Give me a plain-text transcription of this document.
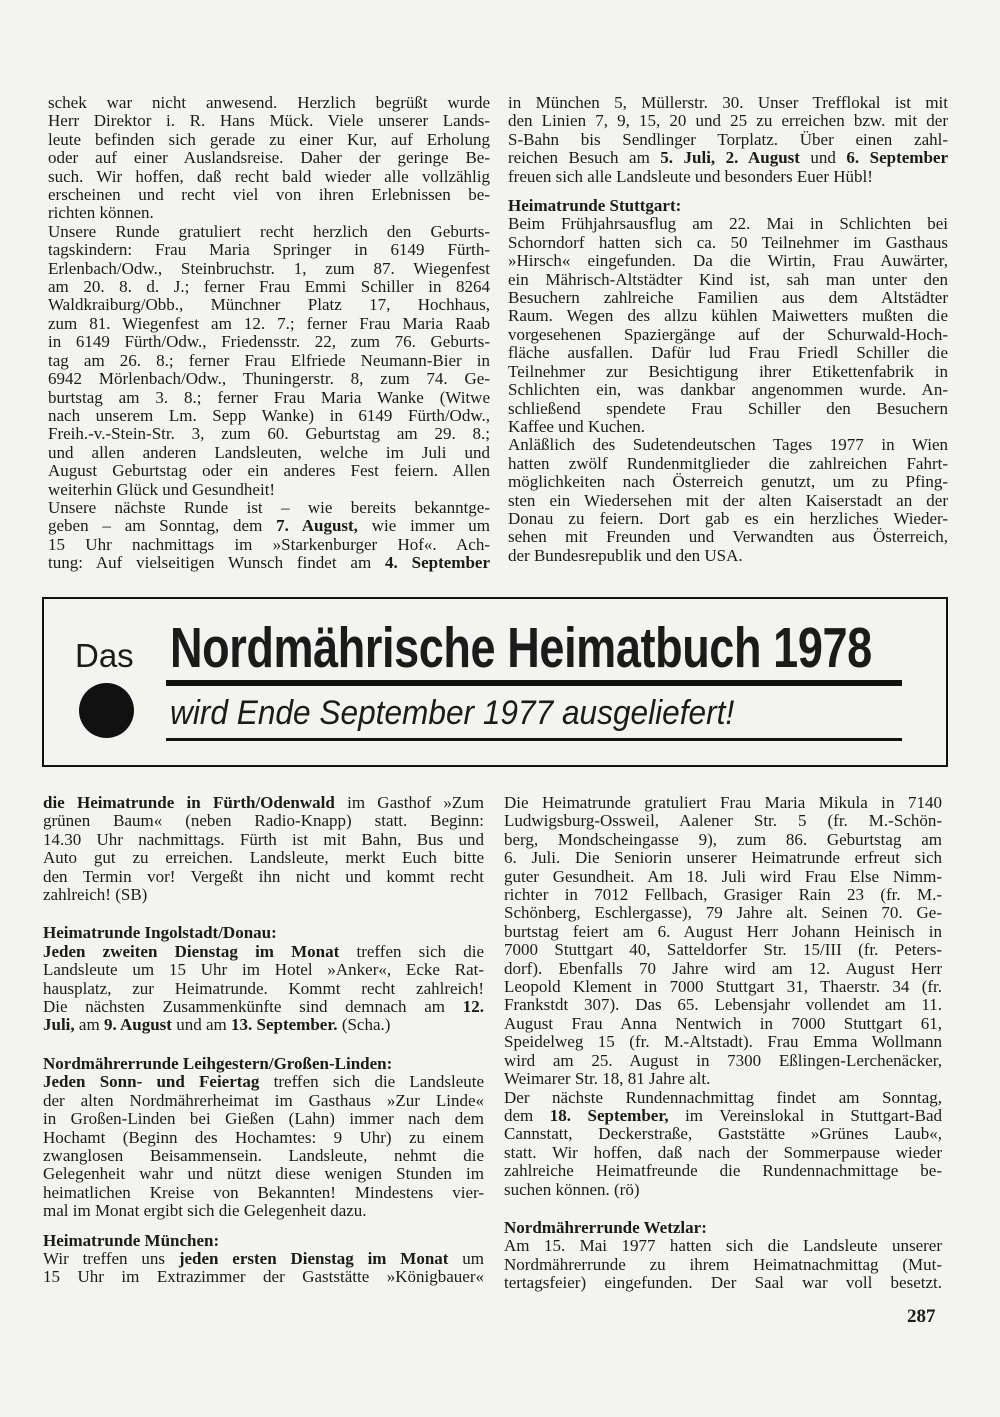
schek war nicht anwesend. Herzlich begrüßt wurde
Herr Direktor i. R. Hans Mück. Viele unserer Lands-
leute befinden sich gerade zu einer Kur, auf Erholung
oder auf einer Auslandsreise. Daher der geringe Be-
such. Wir hoffen, daß recht bald wieder alle vollzählig
erscheinen und recht viel von ihren Erlebnissen be-
richten können.
Unsere Runde gratuliert recht herzlich den Geburts-
tagskindern: Frau Maria Springer in 6149 Fürth-
Erlenbach/Odw., Steinbruchstr. 1, zum 87. Wiegenfest
am 20. 8. d. J.; ferner Frau Emmi Schiller in 8264
Waldkraiburg/Obb., Münchner Platz 17, Hochhaus,
zum 81. Wiegenfest am 12. 7.; ferner Frau Maria Raab
in 6149 Fürth/Odw., Friedensstr. 22, zum 76. Geburts-
tag am 26. 8.; ferner Frau Elfriede Neumann-Bier in
6942 Mörlenbach/Odw., Thuningerstr. 8, zum 74. Ge-
burtstag am 3. 8.; ferner Frau Maria Wanke (Witwe
nach unserem Lm. Sepp Wanke) in 6149 Fürth/Odw.,
Freih.-v.-Stein-Str. 3, zum 60. Geburtstag am 29. 8.;
und allen anderen Landsleuten, welche im Juli und
August Geburtstag oder ein anderes Fest feiern. Allen
weiterhin Glück und Gesundheit!
Unsere nächste Runde ist – wie bereits bekanntge-
geben – am Sonntag, dem 7. August, wie immer um
15 Uhr nachmittags im »Starkenburger Hof«. Ach-
tung: Auf vielseitigen Wunsch findet am 4. September
in München 5, Müllerstr. 30. Unser Trefflokal ist mit
den Linien 7, 9, 15, 20 und 25 zu erreichen bzw. mit der
S-Bahn bis Sendlinger Torplatz. Über einen zahl-
reichen Besuch am 5. Juli, 2. August und 6. September
freuen sich alle Landsleute und besonders Euer Hübl!
Heimatrunde Stuttgart:
Beim Frühjahrsausflug am 22. Mai in Schlichten bei
Schorndorf hatten sich ca. 50 Teilnehmer im Gasthaus
»Hirsch« eingefunden. Da die Wirtin, Frau Auwärter,
ein Mährisch-Altstädter Kind ist, sah man unter den
Besuchern zahlreiche Familien aus dem Altstädter
Raum. Wegen des allzu kühlen Maiwetters mußten die
vorgesehenen Spaziergänge auf der Schurwald-Hoch-
fläche ausfallen. Dafür lud Frau Friedl Schiller die
Teilnehmer zur Besichtigung ihrer Etikettenfabrik in
Schlichten ein, was dankbar angenommen wurde. An-
schließend spendete Frau Schiller den Besuchern
Kaffee und Kuchen.
Anläßlich des Sudetendeutschen Tages 1977 in Wien
hatten zwölf Rundenmitglieder die zahlreichen Fahrt-
möglichkeiten nach Österreich genutzt, um zu Pfing-
sten ein Wiedersehen mit der alten Kaiserstadt an der
Donau zu feiern. Dort gab es ein herzliches Wieder-
sehen mit Freunden und Verwandten aus Österreich,
der Bundesrepublik und den USA.
Das Nordmährische Heimatbuch 1978
wird Ende September 1977 ausgeliefert!
die Heimatrunde in Fürth/Odenwald im Gasthof »Zum
grünen Baum« (neben Radio-Knapp) statt. Beginn:
14.30 Uhr nachmittags. Fürth ist mit Bahn, Bus und
Auto gut zu erreichen. Landsleute, merkt Euch bitte
den Termin vor! Vergeßt ihn nicht und kommt recht
zahlreich! (SB)
Heimatrunde Ingolstadt/Donau:
Jeden zweiten Dienstag im Monat treffen sich die
Landsleute um 15 Uhr im Hotel »Anker«, Ecke Rat-
hausplatz, zur Heimatrunde. Kommt recht zahlreich!
Die nächsten Zusammenkünfte sind demnach am 12.
Juli, am 9. August und am 13. September. (Scha.)
Nordmährerrunde Leihgestern/Großen-Linden:
Jeden Sonn- und Feiertag treffen sich die Landsleute
der alten Nordmährerheimat im Gasthaus »Zur Linde«
in Großen-Linden bei Gießen (Lahn) immer nach dem
Hochamt (Beginn des Hochamtes: 9 Uhr) zu einem
zwanglosen Beisammensein. Landsleute, nehmt die
Gelegenheit wahr und nützt diese wenigen Stunden im
heimatlichen Kreise von Bekannten! Mindestens vier-
mal im Monat ergibt sich die Gelegenheit dazu.
Heimatrunde München:
Wir treffen uns jeden ersten Dienstag im Monat um
15 Uhr im Extrazimmer der Gaststätte »Königbauer«
Die Heimatrunde gratuliert Frau Maria Mikula in 7140
Ludwigsburg-Ossweil, Aalener Str. 5 (fr. M.-Schön-
berg, Mondscheingasse 9), zum 86. Geburtstag am
6. Juli. Die Seniorin unserer Heimatrunde erfreut sich
guter Gesundheit. Am 18. Juli wird Frau Else Nimm-
richter in 7012 Fellbach, Grasiger Rain 23 (fr. M.-
Schönberg, Eschlergasse), 79 Jahre alt. Seinen 70. Ge-
burtstag feiert am 6. August Herr Johann Heinisch in
7000 Stuttgart 40, Satteldorfer Str. 15/III (fr. Peters-
dorf). Ebenfalls 70 Jahre wird am 12. August Herr
Leopold Klement in 7000 Stuttgart 31, Thaerstr. 34 (fr.
Frankstdt 307). Das 65. Lebensjahr vollendet am 11.
August Frau Anna Nentwich in 7000 Stuttgart 61,
Speidelweg 15 (fr. M.-Altstadt). Frau Emma Wollmann
wird am 25. August in 7300 Eßlingen-Lerchenäcker,
Weimarer Str. 18, 81 Jahre alt.
Der nächste Rundennachmittag findet am Sonntag,
dem 18. September, im Vereinslokal in Stuttgart-Bad
Cannstatt, Deckerstraße, Gaststätte »Grünes Laub«,
statt. Wir hoffen, daß nach der Sommerpause wieder
zahlreiche Heimatfreunde die Rundennachmittage be-
suchen können. (rö)
Nordmährerrunde Wetzlar:
Am 15. Mai 1977 hatten sich die Landsleute unserer
Nordmährerrunde zu ihrem Heimatnachmittag (Mut-
tertagsfeier) eingefunden. Der Saal war voll besetzt.
287
